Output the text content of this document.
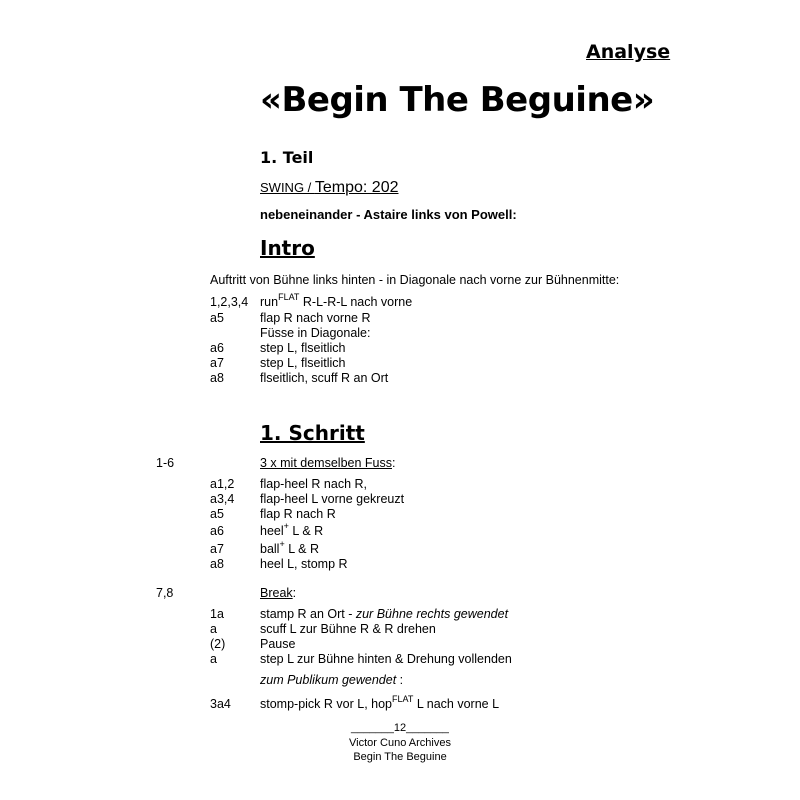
Analyse
«Begin The Beguine»
1. Teil
SWING / Tempo: 202
nebeneinander - Astaire links von Powell:
Intro
Auftritt von Bühne links hinten - in Diagonale nach vorne zur Bühnenmitte:
1,2,3,4 run$^{FLAT}$ R-L-R-L nach vorne
a5	flap R nach vorne R
Füsse in Diagonale:
a6	step L, flseitlich
a7	step L, flseitlich
a8	flseitlich, scuff R an Ort
1. Schritt
1-6	3 x mit demselben Fuss:
a1,2 flap-heel R nach R,
a3,4 flap-heel L vorne gekreuzt
a5	flap R nach R
a6	heel+ L & R
a7	ball+ L & R
a8	heel L, stomp R
7,8	Break:
1a	stamp R an Ort - zur Bühne rechts gewendet
a	scuff L zur Bühne R & R drehen
(2)	Pause
a	step L zur Bühne hinten & Drehung vollenden
zum Publikum gewendet :
3a4 stomp-pick R vor L, hop$^{FLAT}$ L nach vorne L
_______12_______
Victor Cuno Archives
Begin The Beguine
